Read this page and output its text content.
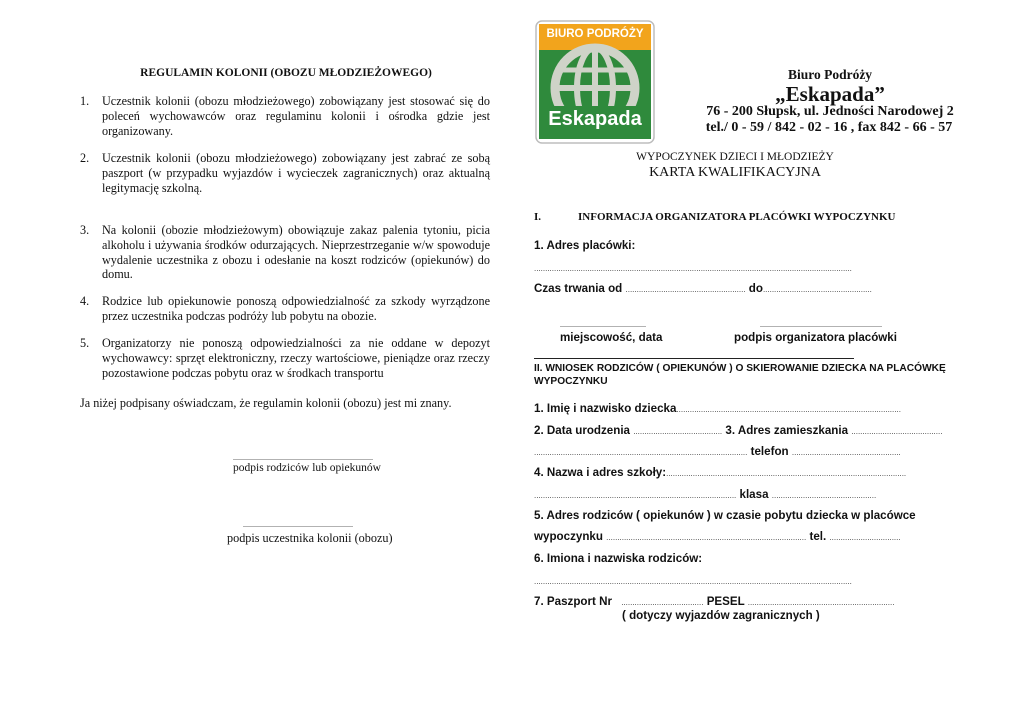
REGULAMIN KOLONII (OBOZU MŁODZIEŻOWEGO)
1. Uczestnik kolonii (obozu młodzieżowego) zobowiązany jest stosować się do poleceń wychowawców oraz regulaminu kolonii i ośrodka gdzie jest organizowany.
2. Uczestnik kolonii (obozu młodzieżowego) zobowiązany jest zabrać ze sobą paszport (w przypadku wyjazdów i wycieczek zagranicznych) oraz aktualną legitymację szkolną.
3. Na kolonii (obozie młodzieżowym) obowiązuje zakaz palenia tytoniu, picia alkoholu i używania środków odurzających. Nieprzestrzeganie w/w spowoduje wydalenie uczestnika z obozu i odesłanie na koszt rodziców (opiekunów) do domu.
4. Rodzice lub opiekunowie ponoszą odpowiedzialność za szkody wyrządzone przez uczestnika podczas podróży lub pobytu na obozie.
5. Organizatorzy nie ponoszą odpowiedzialności za nie oddane w depozyt wychowawcy: sprzęt elektroniczny, rzeczy wartościowe, pieniądze oraz rzeczy pozostawione podczas pobytu oraz w środkach transportu
Ja niżej podpisany oświadczam, że regulamin kolonii (obozu) jest mi znany.
......................................................................
podpis rodziców lub opiekunów
.......................................................
podpis uczestnika kolonii (obozu)
BIURO PODRÓŻY
Eskapada
Biuro Podróży
„Eskapada”
76 - 200 Słupsk, ul. Jedności Narodowej 2
tel./ 0 - 59 / 842 - 02 - 16 , fax 842 - 66 - 57
WYPOCZYNEK DZIECI I MŁODZIEŻY
KARTA KWALIFIKACYJNA
I.	INFORMACJA ORGANIZATORA PLACÓWKI WYPOCZYNKU
1. Adres placówki:
...............................................................................................................................................
Czas trwania od ...................................................... do.................................................
...........................................	.............................................................
miejscowość, data	podpis organizatora placówki
II. WNIOSEK RODZICÓW ( OPIEKUNÓW ) O SKIEROWANIE DZIECKA NA PLACÓWKĘ WYPOCZYNKU
1. Imię i nazwisko dziecka.....................................................................................................
2. Data urodzenia ........................................ 3. Adres zamieszkania .........................................
................................................................................................ telefon .................................................
4. Nazwa i adres szkoły:............................................................................................................
........................................................................................... klasa ...............................................
5. Adres rodziców ( opiekunów ) w czasie pobytu dziecka w placówce
wypoczynku .......................................................................................... tel. ................................
6. Imiona i nazwiska rodziców:
...............................................................................................................................................
7. Paszport Nr ..................................... PESEL ..................................................................
( dotyczy wyjazdów zagranicznych )
